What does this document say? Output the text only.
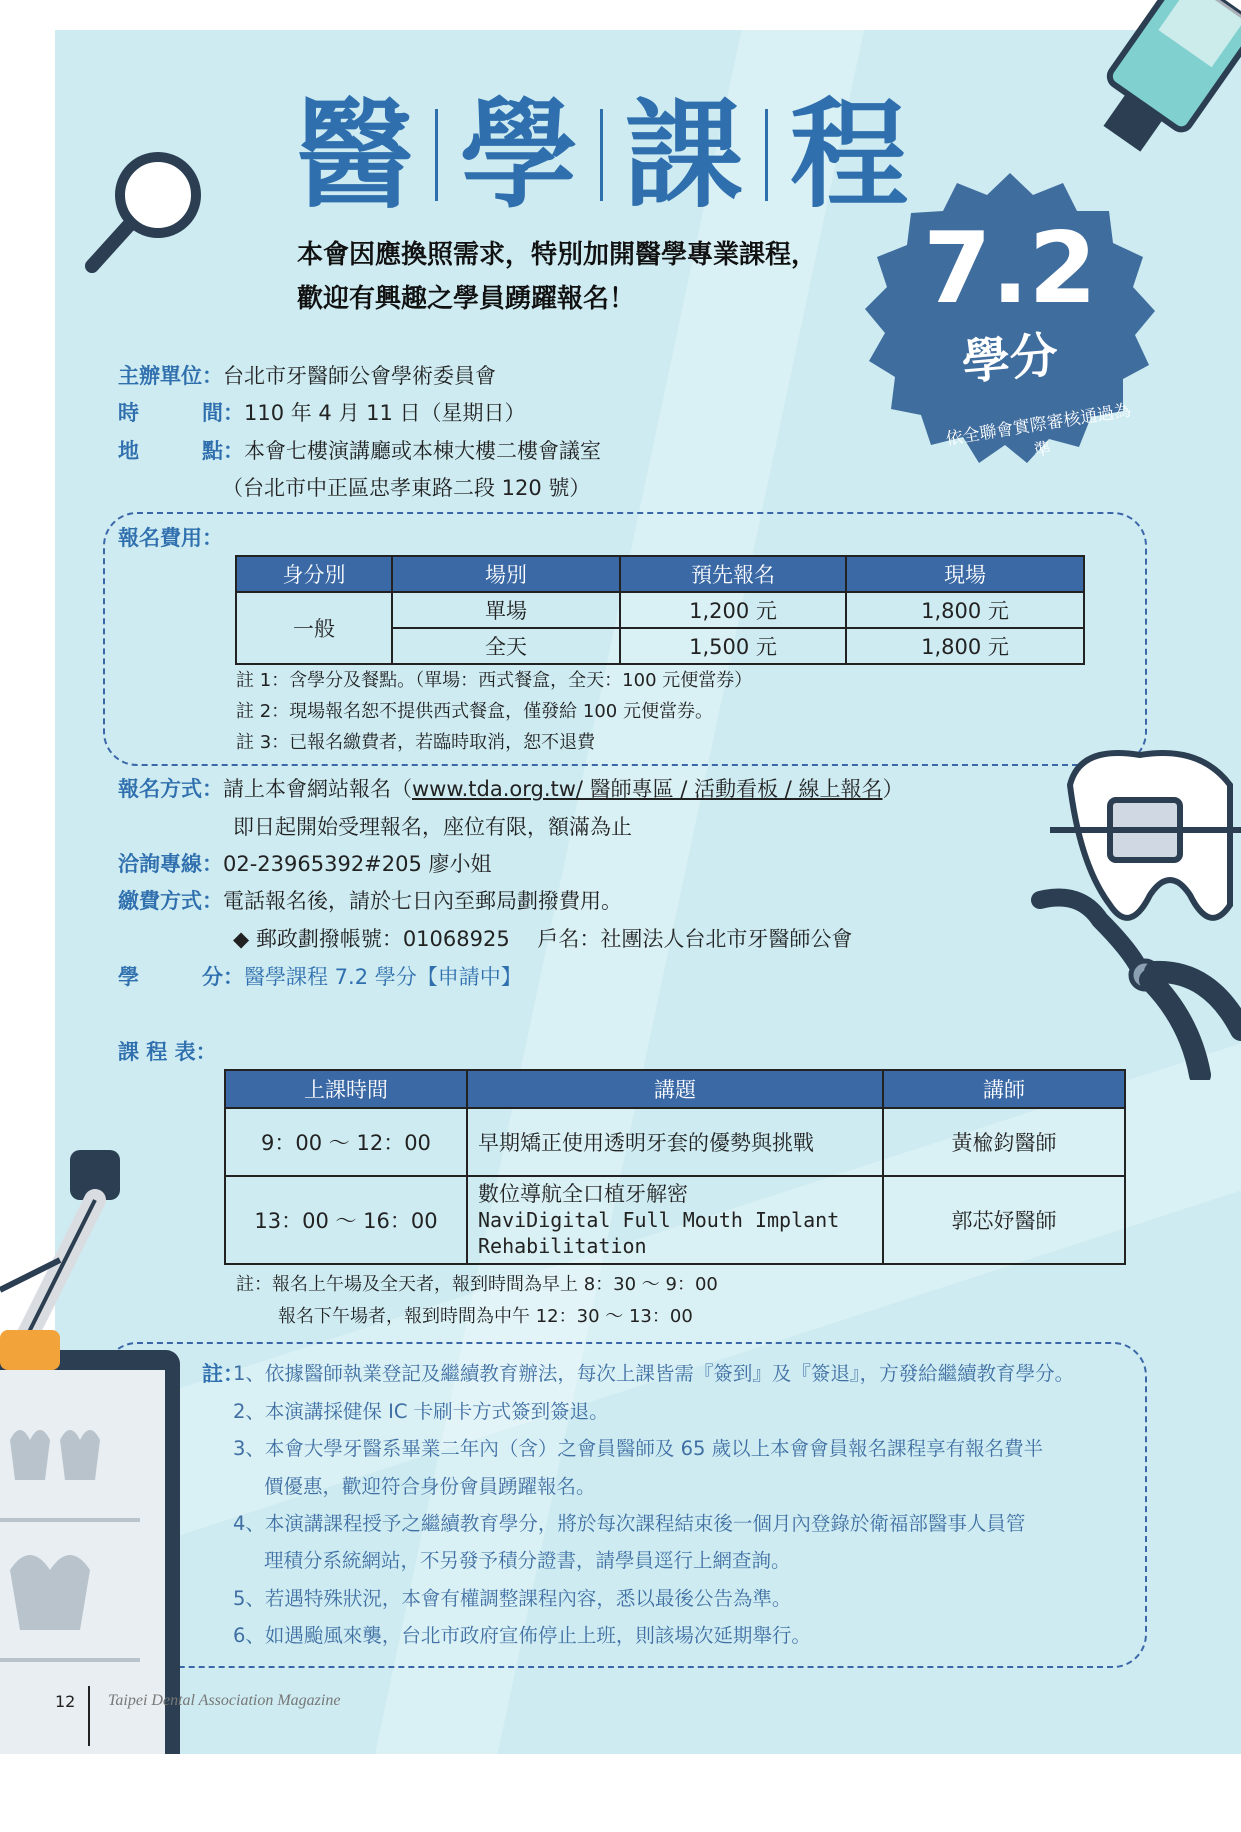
7.2
學分
依全聯會實際審核通過為準
醫 學 課 程
本會因應換照需求，特別加開醫學專業課程，
歡迎有興趣之學員踴躍報名！
主辦單位：台北市牙醫師公會學術委員會
時	間：110 年 4 月 11 日（星期日）
地	點：本會七樓演講廳或本棟大樓二樓會議室
（台北市中正區忠孝東路二段 120 號）
報名費用：
身分別	場別	預先報名	現場
一般	單場	1,200 元	1,800 元
	全天	1,500 元	1,800 元
註 1：含學分及餐點。（單場：西式餐盒，全天：100 元便當券）
註 2：現場報名恕不提供西式餐盒，僅發給 100 元便當券。
註 3：已報名繳費者，若臨時取消，恕不退費
報名方式：請上本會網站報名（www.tda.org.tw/ 醫師專區 / 活動看板 / 線上報名）
即日起開始受理報名，座位有限，額滿為止
洽詢專線：02-23965392#205 廖小姐
繳費方式：電話報名後，請於七日內至郵局劃撥費用。
◆ 郵政劃撥帳號：01068925　 戶名：社團法人台北市牙醫師公會
學	分：醫學課程 7.2 學分【申請中】
課 程 表：
上課時間	講題	講師
9：00 ～ 12：00	早期矯正使用透明牙套的優勢與挑戰	黃楡鈞醫師
13：00 ～ 16：00	數位導航全口植牙解密
NaviDigital Full Mouth Implant Rehabilitation	郭芯妤醫師
註：報名上午場及全天者，報到時間為早上 8：30 ～ 9：00
報名下午場者，報到時間為中午 12：30 ～ 13：00
註：
1、依據醫師執業登記及繼續教育辦法，每次上課皆需『簽到』及『簽退』，方發給繼續教育學分。
2、本演講採健保 IC 卡刷卡方式簽到簽退。
3、本會大學牙醫系畢業二年內（含）之會員醫師及 65 歲以上本會會員報名課程享有報名費半
價優惠，歡迎符合身份會員踴躍報名。
4、本演講課程授予之繼續教育學分，將於每次課程結束後一個月內登錄於衛福部醫事人員管
理積分系統網站，不另發予積分證書，請學員逕行上網查詢。
5、若遇特殊狀況，本會有權調整課程內容，悉以最後公告為準。
6、如遇颱風來襲，台北市政府宣佈停止上班，則該場次延期舉行。
12 Taipei Dental Association Magazine
